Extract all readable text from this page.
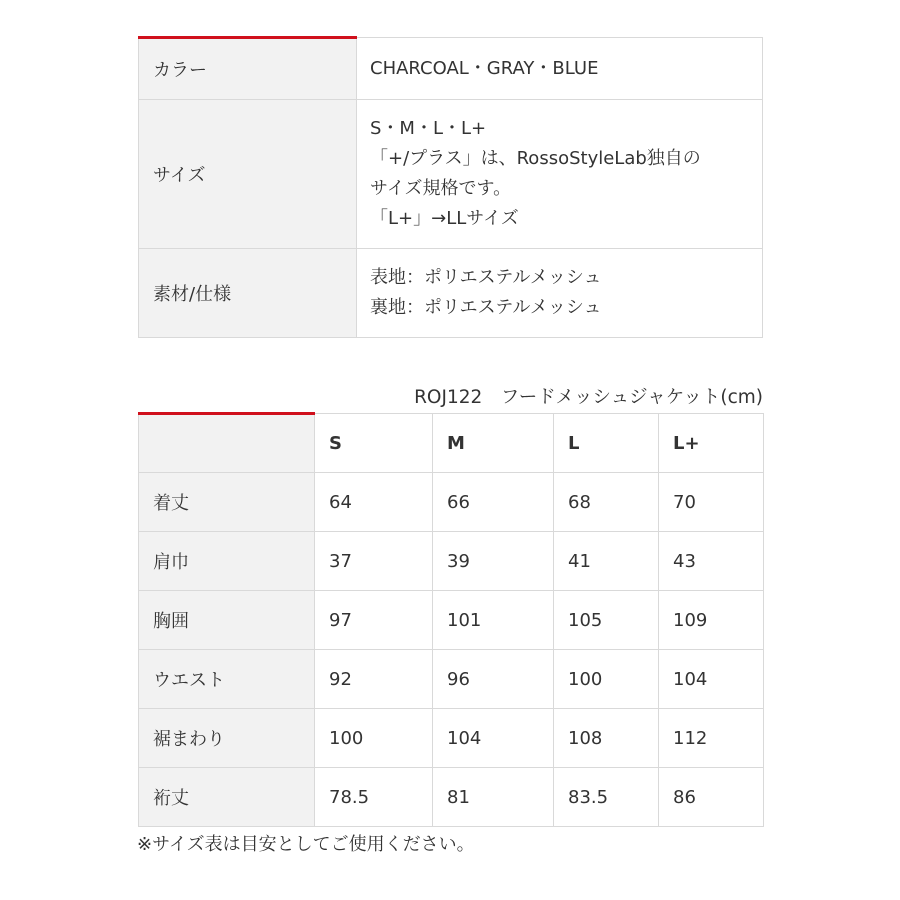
カラー	CHARCOAL・GRAY・BLUE
サイズ	S・M・L・L+
「+/プラス」は、RossoStyleLab独自の
サイズ規格です。
「L+」→LLサイズ

素材/仕様	表地：ポリエステルメッシュ
裏地：ポリエステルメッシュ
ROJ122　フードメッシュジャケット(cm)
	S	M	L	L+
着丈	64	66	68	70
肩巾	37	39	41	43
胸囲	97	101	105	109
ウエスト	92	96	100	104
裾まわり	100	104	108	112
裄丈	78.5	81	83.5	86
※サイズ表は目安としてご使用ください。
